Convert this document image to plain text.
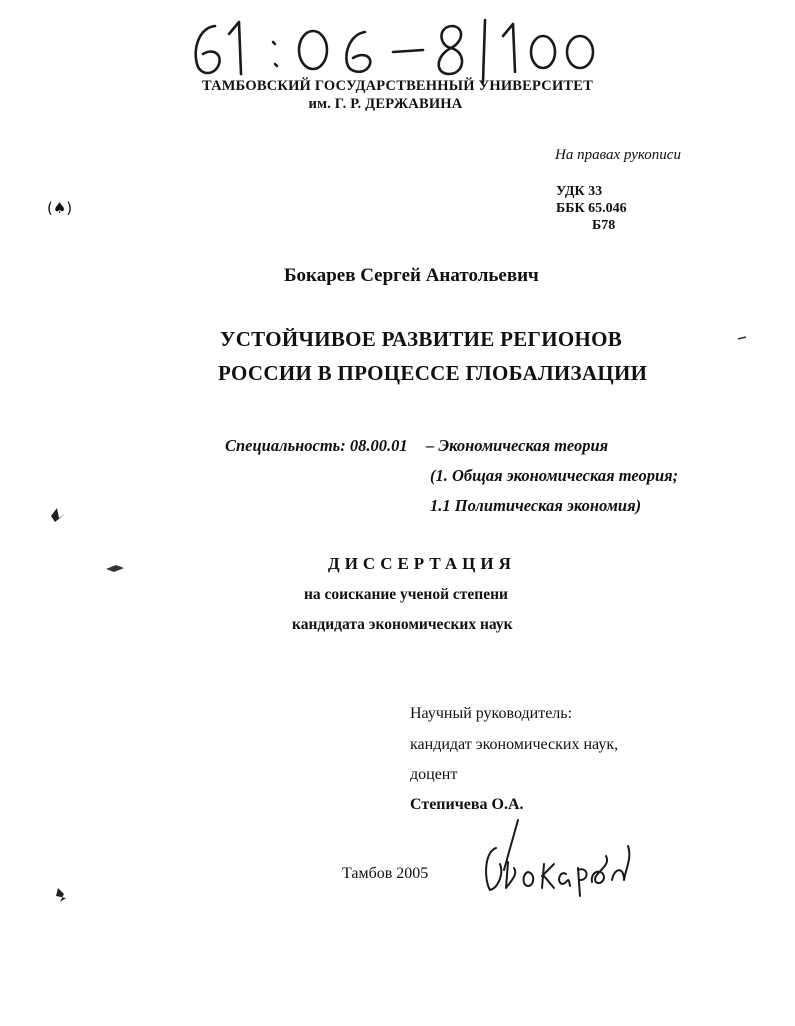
ТАМБОВСКИЙ ГОСУДАРСТВЕННЫЙ УНИВЕРСИТЕТ
им. Г. Р. ДЕРЖАВИНА
На правах рукописи
УДК 33
ББК 65.046
Б78
Бокарев Сергей Анатольевич
УСТОЙЧИВОЕ РАЗВИТИЕ РЕГИОНОВ
РОССИИ В ПРОЦЕССЕ ГЛОБАЛИЗАЦИИ
Специальность: 08.00.01 – Экономическая теория
(1. Общая экономическая теория;
1.1 Политическая экономия)
ДИССЕРТАЦИЯ
на соискание ученой степени
кандидата экономических наук
Научный руководитель:
кандидат экономических наук,
доцент
Степичева О.А.
Тамбов 2005
(♠)
